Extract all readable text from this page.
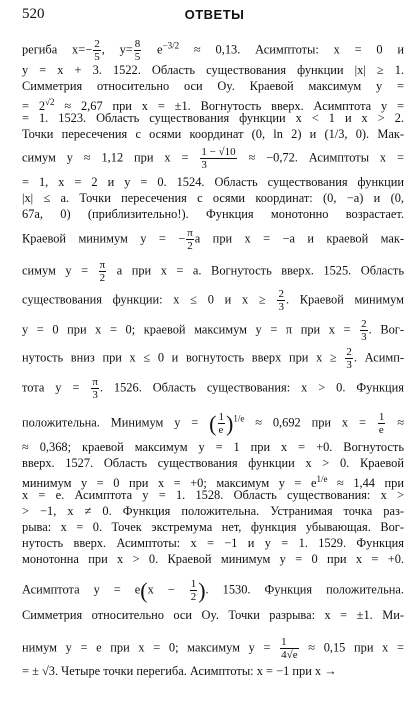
520	ОТВЕТЫ
региба $x=- \frac{2}{5}$ , $y= \frac{8}{5} e^{-3/2} \approx 0,13$. Асимптоты: x = 0 и
y = x + 3. 1522. Область существования функции |x| ≥ 1.
Симметрия относительно оси Oy. Краевой максимум y =
= $2^{√2} \approx 2,67$ при x = ±1. Вогнутость вверх. Асимптота y =
= 1. 1523. Область существования функции x < 1 и x > 2.
Точки пересечения с осями координат (0, ln 2) и (1/3, 0). Мак-
симум y ≈ 1,12 при $x = \frac{1 - √10}{3} \approx -0,72$. Асимптоты x =
= 1, x = 2 и y = 0. 1524. Область существования функции
|x| ≤ a. Точки пересечения с осями координат: (0, −a) и (0,
67a, 0) (приблизительно!). Функция монотонно возрастает.
Краевой минимум y = − $\frac{\pi}{2}$ a при x = −a и краевой мак-
симум $y = \frac{\pi}{2}$ a при x = a. Вогнутость вверх. 1525. Область
существования функции: x ≤ 0 и $x \ge \frac{2}{3}$ . Краевой минимум
y = 0 при x = 0; краевой максимум y = π при $x = \frac{2}{3}$ . Вог-
нутость вниз при x ≤ 0 и вогнутость вверх при $x \ge \frac{2}{3}$ . Асимп-
тота $y = \frac{\pi}{3}$ . 1526. Область существования: x > 0. Функция
положительна. Минимум y = ( $\frac{1}{e} )^{1/e} \approx 0,692$ при $x = \frac{1}{e}$ ≈
≈ 0,368; краевой максимум y = 1 при x = +0. Вогнутость
вверх. 1527. Область существования функции x > 0. Краевой
минимум y = 0 при x = +0; максимум $y = e^{1/e} \approx 1,44$ при
x = e. Асимптота y = 1. 1528. Область существования: x >
> −1, x ≠ 0. Функция положительна. Устранимая точка раз-
рыва: x = 0. Точек экстремума нет, функция убывающая. Вог-
нутость вверх. Асимптоты: x = −1 и y = 1. 1529. Функция
монотонна при x > 0. Краевой минимум y = 0 при x = +0.
Асимптота $y = e(x - \frac{1}{2}$ ). 1530. Функция положительна.
Симметрия относительно оси Oy. Точки разрыва: x = ±1. Ми-
нимум y = e при x = 0; максимум $y = \frac{1}{4√e} \approx 0,15$ при x =
= ± √3. Четыре точки перегиба. Асимптоты: x = −1 при x →
